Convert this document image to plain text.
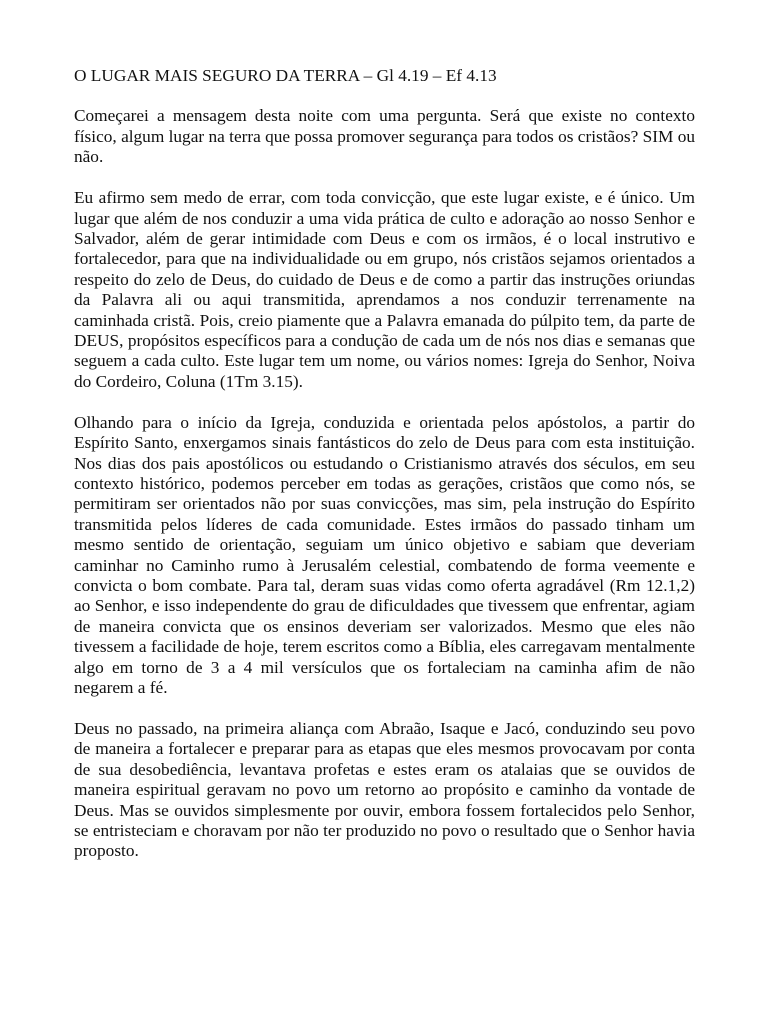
O LUGAR MAIS SEGURO DA TERRA – Gl 4.19 – Ef 4.13

Começarei a mensagem desta noite com uma pergunta. Será que existe no contexto físico, algum lugar na terra que possa promover segurança para todos os cristãos? SIM ou não.

Eu afirmo sem medo de errar, com toda convicção, que este lugar existe, e é único. Um lugar que além de nos conduzir a uma vida prática de culto e adoração ao nosso Senhor e Salvador, além de gerar intimidade com Deus e com os irmãos, é o local instrutivo e fortalecedor, para que na individualidade ou em grupo, nós cristãos sejamos orientados a respeito do zelo de Deus, do cuidado de Deus e de como a partir das instruções oriundas da Palavra ali ou aqui transmitida, aprendamos a nos conduzir terrenamente na caminhada cristã. Pois, creio piamente que a Palavra emanada do púlpito tem, da parte de DEUS, propósitos específicos para a condução de cada um de nós nos dias e semanas que seguem a cada culto. Este lugar tem um nome, ou vários nomes: Igreja do Senhor, Noiva do Cordeiro, Coluna (1Tm 3.15).

Olhando para o início da Igreja, conduzida e orientada pelos apóstolos, a partir do Espírito Santo, enxergamos sinais fantásticos do zelo de Deus para com esta instituição. Nos dias dos pais apostólicos ou estudando o Cristianismo através dos séculos, em seu contexto histórico, podemos perceber em todas as gerações, cristãos que como nós, se permitiram ser orientados não por suas convicções, mas sim, pela instrução do Espírito transmitida pelos líderes de cada comunidade. Estes irmãos do passado tinham um mesmo sentido de orientação, seguiam um único objetivo e sabiam que deveriam caminhar no Caminho rumo à Jerusalém celestial, combatendo de forma veemente e convicta o bom combate. Para tal, deram suas vidas como oferta agradável (Rm 12.1,2) ao Senhor, e isso independente do grau de dificuldades que tivessem que enfrentar, agiam de maneira convicta que os ensinos deveriam ser valorizados. Mesmo que eles não tivessem a facilidade de hoje, terem escritos como a Bíblia, eles carregavam mentalmente algo em torno de 3 a 4 mil versículos que os fortaleciam na caminha afim de não negarem a fé.

Deus no passado, na primeira aliança com Abraão, Isaque e Jacó, conduzindo seu povo de maneira a fortalecer e preparar para as etapas que eles mesmos provocavam por conta de sua desobediência, levantava profetas e estes eram os atalaias que se ouvidos de maneira espiritual geravam no povo um retorno ao propósito e caminho da vontade de Deus. Mas se ouvidos simplesmente por ouvir, embora fossem fortalecidos pelo Senhor, se entristeciam e choravam por não ter produzido no povo o resultado que o Senhor havia proposto.
